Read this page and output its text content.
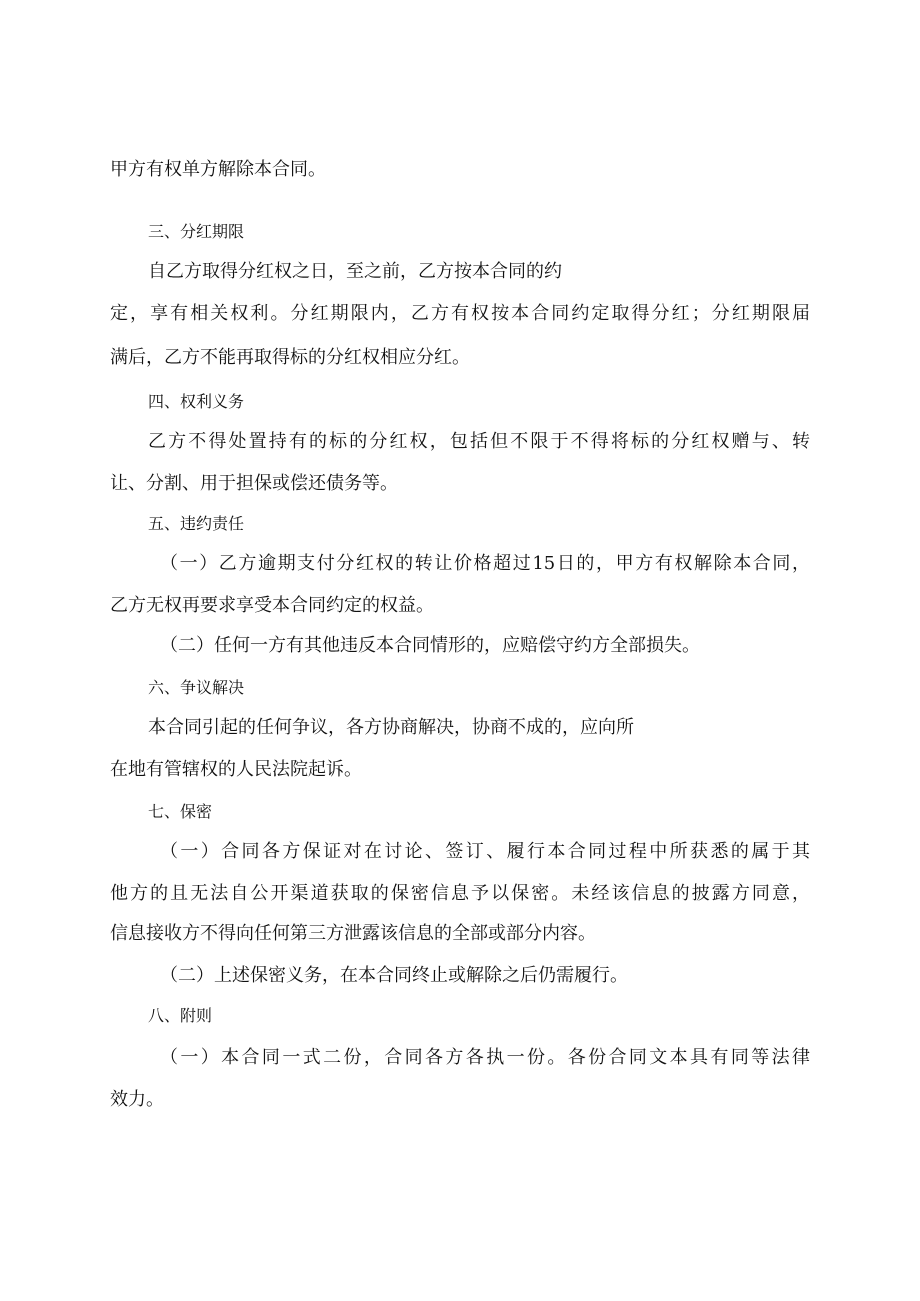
甲方有权单方解除本合同。
三、分红期限
自乙方取得分红权之日，至之前，乙方按本合同的约
定，享有相关权利。分红期限内，乙方有权按本合同约定取得分红；分红期限届
满后，乙方不能再取得标的分红权相应分红。
四、权利义务
乙方不得处置持有的标的分红权，包括但不限于不得将标的分红权赠与、转
让、分割、用于担保或偿还债务等。
五、违约责任
（一）乙方逾期支付分红权的转让价格超过15日的，甲方有权解除本合同，
乙方无权再要求享受本合同约定的权益。
（二）任何一方有其他违反本合同情形的，应赔偿守约方全部损失。
六、争议解决
本合同引起的任何争议，各方协商解决，协商不成的，应向所
在地有管辖权的人民法院起诉。
七、保密
（一）合同各方保证对在讨论、签订、履行本合同过程中所获悉的属于其
他方的且无法自公开渠道获取的保密信息予以保密。未经该信息的披露方同意，
信息接收方不得向任何第三方泄露该信息的全部或部分内容。
（二）上述保密义务，在本合同终止或解除之后仍需履行。
八、附则
（一）本合同一式二份，合同各方各执一份。各份合同文本具有同等法律
效力。
